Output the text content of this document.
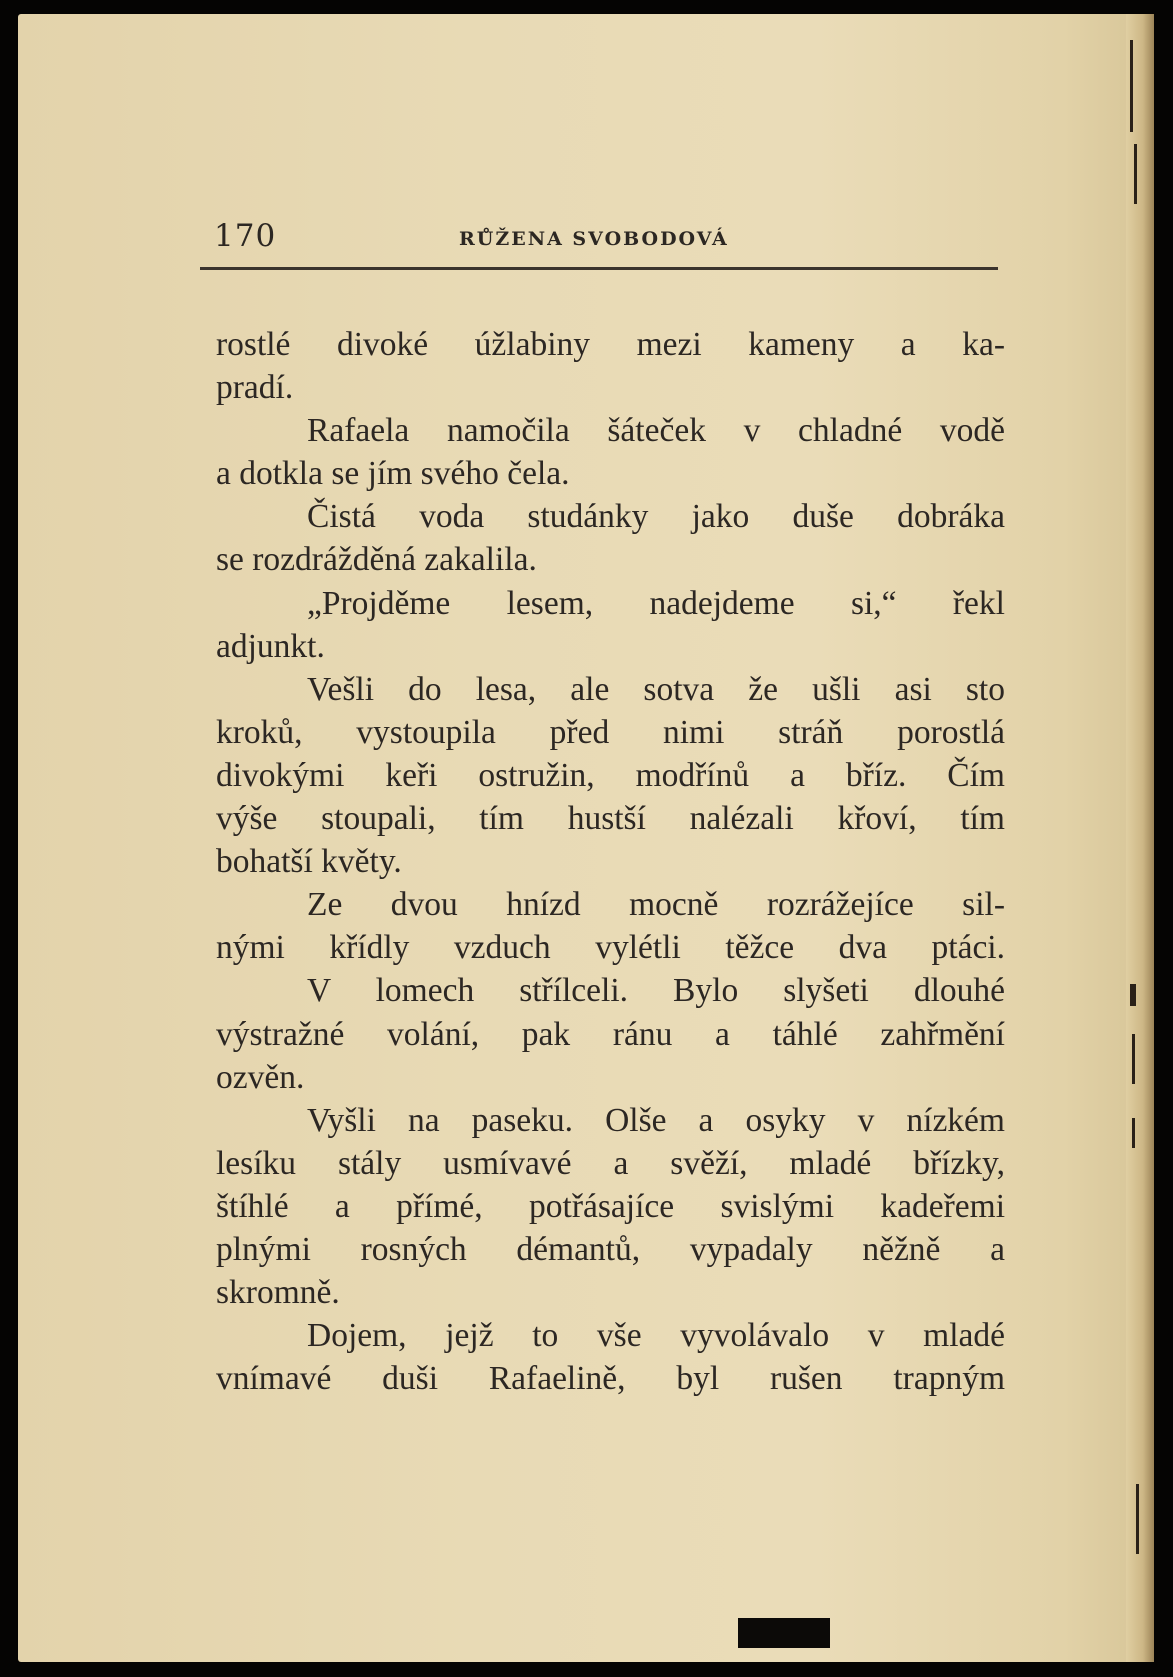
170	RŮŽENA SVOBODOVÁ
rostlé divoké úžlabiny mezi kameny a ka-
pradí.
Rafaela namočila šáteček v chladné vodě
a dotkla se jím svého čela.
Čistá voda studánky jako duše dobráka
se rozdrážděná zakalila.
„Projděme lesem, nadejdeme si,“ řekl
adjunkt.
Vešli do lesa, ale sotva že ušli asi sto
kroků, vystoupila před nimi stráň porostlá
divokými keři ostružin, modřínů a bříz. Čím
výše stoupali, tím hustší nalézali křoví, tím
bohatší květy.
Ze dvou hnízd mocně rozrážejíce sil-
nými křídly vzduch vylétli těžce dva ptáci.
V lomech střílceli. Bylo slyšeti dlouhé
výstražné volání, pak ránu a táhlé zahřmění
ozvěn.
Vyšli na paseku. Olše a osyky v nízkém
lesíku stály usmívavé a svěží, mladé břízky,
štíhlé a přímé, potřásajíce svislými kadeřemi
plnými rosných démantů, vypadaly něžně a
skromně.
Dojem, jejž to vše vyvolávalo v mladé
vnímavé duši Rafaelině, byl rušen trapným
